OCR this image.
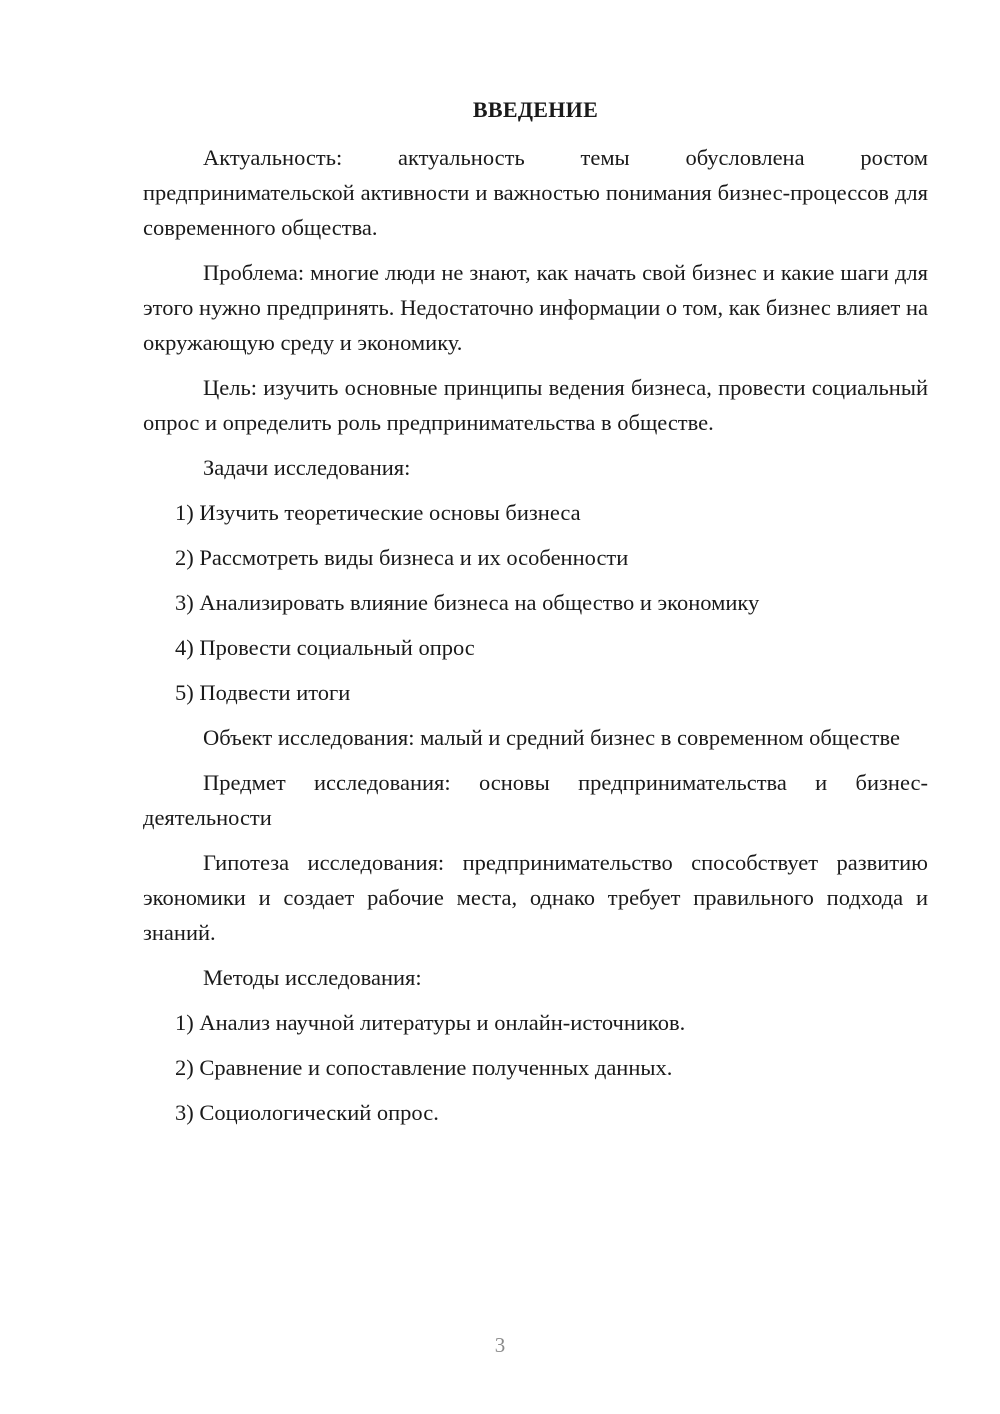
ВВЕДЕНИЕ

Актуальность: актуальность темы обусловлена ростом предпринимательской активности и важностью понимания бизнес-процессов для современного общества.

Проблема: многие люди не знают, как начать свой бизнес и какие шаги для этого нужно предпринять. Недостаточно информации о том, как бизнес влияет на окружающую среду и экономику.

Цель: изучить основные принципы ведения бизнеса, провести социальный опрос и определить роль предпринимательства в обществе.

Задачи исследования:

1) Изучить теоретические основы бизнеса

2) Рассмотреть виды бизнеса и их особенности

3) Анализировать влияние бизнеса на общество и экономику

4) Провести социальный опрос

5) Подвести итоги

Объект исследования: малый и средний бизнес в современном обществе

Предмет исследования: основы предпринимательства и бизнес-деятельности

Гипотеза исследования: предпринимательство способствует развитию экономики и создает рабочие места, однако требует правильного подхода и знаний.

Методы исследования:

1) Анализ научной литературы и онлайн-источников.

2) Сравнение и сопоставление полученных данных.

3) Социологический опрос.

3
